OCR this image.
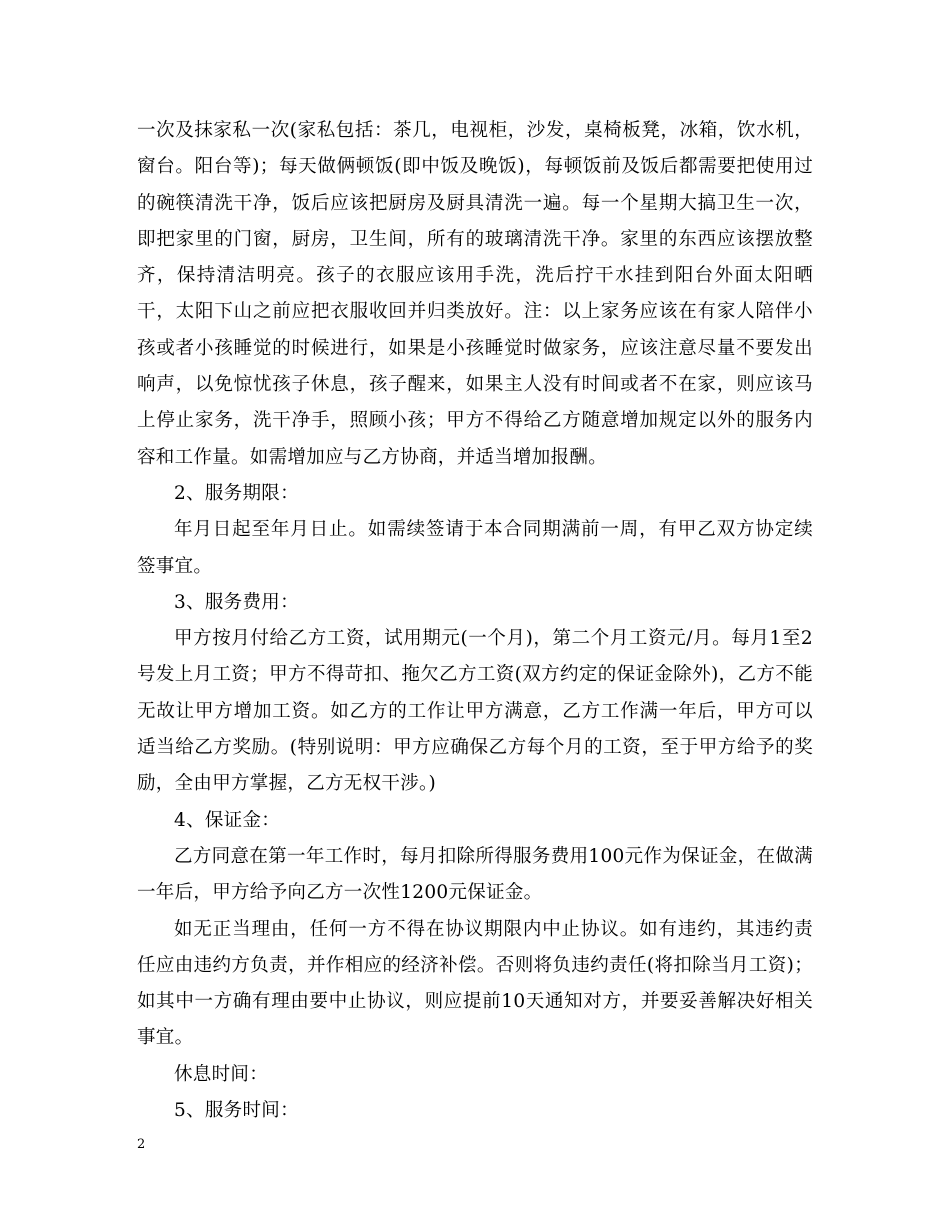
一次及抹家私一次(家私包括：茶几，电视柜，沙发，桌椅板凳，冰箱，饮水机，窗台。阳台等)；每天做俩顿饭(即中饭及晚饭)，每顿饭前及饭后都需要把使用过的碗筷清洗干净，饭后应该把厨房及厨具清洗一遍。每一个星期大搞卫生一次，即把家里的门窗，厨房，卫生间，所有的玻璃清洗干净。家里的东西应该摆放整齐，保持清洁明亮。孩子的衣服应该用手洗，洗后拧干水挂到阳台外面太阳晒干，太阳下山之前应把衣服收回并归类放好。注：以上家务应该在有家人陪伴小孩或者小孩睡觉的时候进行，如果是小孩睡觉时做家务，应该注意尽量不要发出响声，以免惊忧孩子休息，孩子醒来，如果主人没有时间或者不在家，则应该马上停止家务，洗干净手，照顾小孩；甲方不得给乙方随意增加规定以外的服务内容和工作量。如需增加应与乙方协商，并适当增加报酬。

2、服务期限：

年月日起至年月日止。如需续签请于本合同期满前一周，有甲乙双方协定续签事宜。

3、服务费用：

甲方按月付给乙方工资，试用期元(一个月)，第二个月工资元/月。每月1至2号发上月工资；甲方不得苛扣、拖欠乙方工资(双方约定的保证金除外)，乙方不能无故让甲方增加工资。如乙方的工作让甲方满意，乙方工作满一年后，甲方可以适当给乙方奖励。(特别说明：甲方应确保乙方每个月的工资，至于甲方给予的奖励，全由甲方掌握，乙方无权干涉。)

4、保证金：

乙方同意在第一年工作时，每月扣除所得服务费用100元作为保证金，在做满一年后，甲方给予向乙方一次性1200元保证金。

如无正当理由，任何一方不得在协议期限内中止协议。如有违约，其违约责任应由违约方负责，并作相应的经济补偿。否则将负违约责任(将扣除当月工资)；如其中一方确有理由要中止协议，则应提前10天通知对方，并要妥善解决好相关事宜。

休息时间：

5、服务时间：

2
